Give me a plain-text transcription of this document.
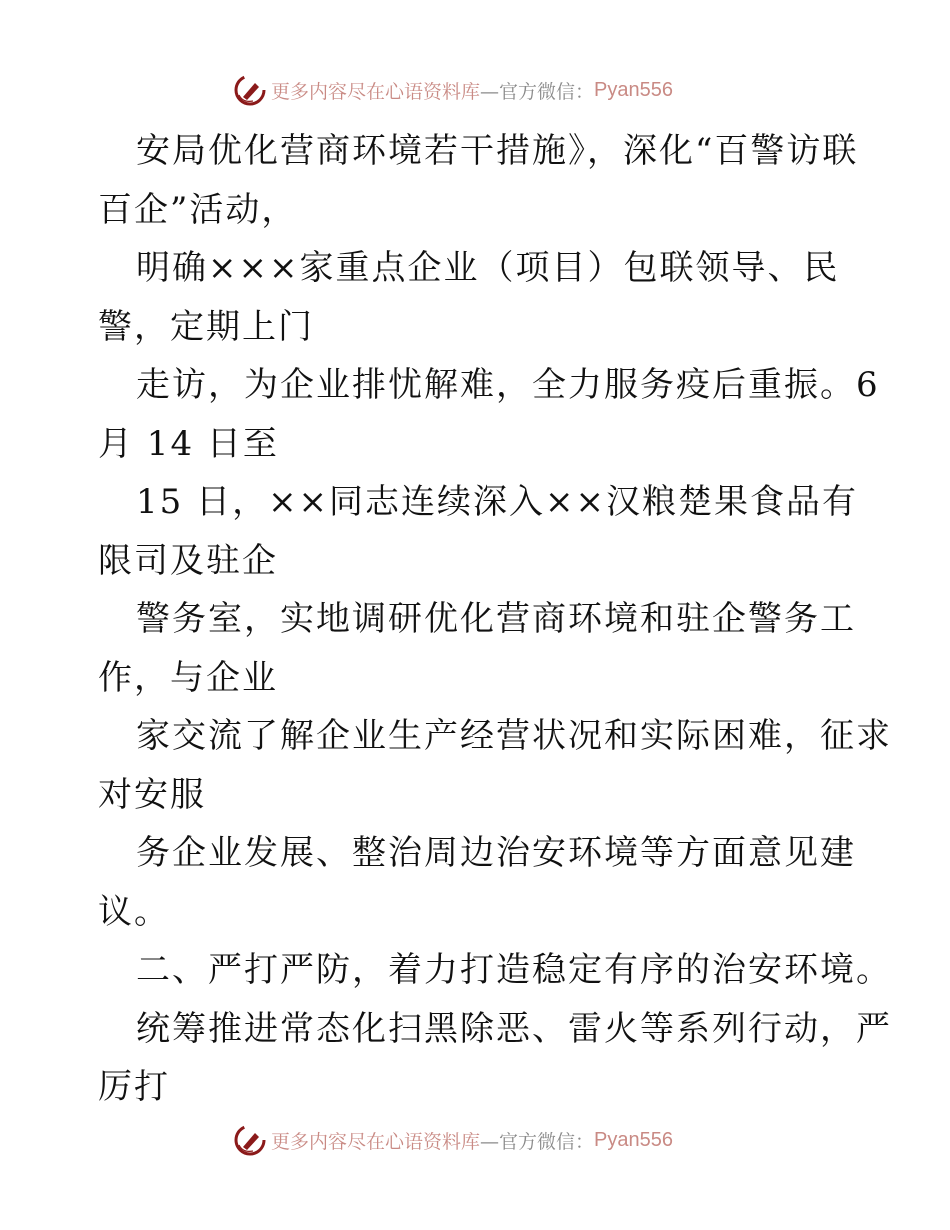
更多内容尽在心语资料库 —官方微信： Pyan556
安局优化营商环境若干措施》，深化“百警访联
百企”活动，
明确×××家重点企业（项目）包联领导、民
警，定期上门
走访，为企业排忧解难，全力服务疫后重振。6
月 14 日至
15 日，××同志连续深入××汉粮楚果食品有
限司及驻企
警务室，实地调研优化营商环境和驻企警务工
作，与企业
家交流了解企业生产经营状况和实际困难，征求
对安服
务企业发展、整治周边治安环境等方面意见建
议。
二、严打严防，着力打造稳定有序的治安环境。
统筹推进常态化扫黑除恶、雷火等系列行动，严
厉打
更多内容尽在心语资料库 —官方微信： Pyan556
